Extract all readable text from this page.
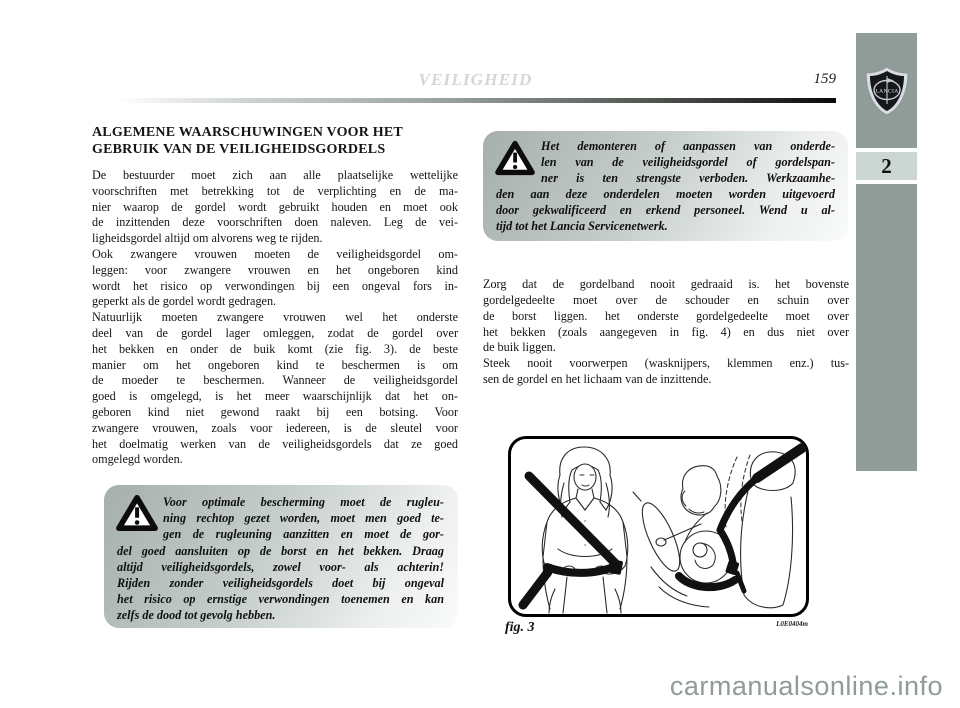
VEILIGHEID	159
LANCIA
2
ALGEMENE WAARSCHUWINGEN VOOR HET
GEBRUIK VAN DE VEILIGHEIDSGORDELS
De bestuurder moet zich aan alle plaatselijke wettelijke
voorschriften met betrekking tot de verplichting en de ma-
nier waarop de gordel wordt gebruikt houden en moet ook
de inzittenden deze voorschriften doen naleven. Leg de vei-
ligheidsgordel altijd om alvorens weg te rijden.
Ook zwangere vrouwen moeten de veiligheidsgordel om-
leggen: voor zwangere vrouwen en het ongeboren kind
wordt het risico op verwondingen bij een ongeval fors in-
geperkt als de gordel wordt gedragen.
Natuurlijk moeten zwangere vrouwen wel het onderste
deel van de gordel lager omleggen, zodat de gordel over
het bekken en onder de buik komt (zie fig. 3). de beste
manier om het ongeboren kind te beschermen is om
de moeder te beschermen. Wanneer de veiligheidsgordel
goed is omgelegd, is het meer waarschijnlijk dat het on-
geboren kind niet gewond raakt bij een botsing. Voor
zwangere vrouwen, zoals voor iedereen, is de sleutel voor
het doelmatig werken van de veiligheidsgordels dat ze goed
omgelegd worden.
Voor optimale bescherming moet de rugleu-
ning rechtop gezet worden, moet men goed te-
gen de rugleuning aanzitten en moet de gor-
del goed aansluiten op de borst en het bekken. Draag
altijd veiligheidsgordels, zowel voor- als achterin!
Rijden zonder veiligheidsgordels doet bij ongeval
het risico op ernstige verwondingen toenemen en kan
zelfs de dood tot gevolg hebben.
Het demonteren of aanpassen van onderde-
len van de veiligheidsgordel of gordelspan-
ner is ten strengste verboden. Werkzaamhe-
den aan deze onderdelen moeten worden uitgevoerd
door gekwalificeerd en erkend personeel. Wend u al-
tijd tot het Lancia Servicenetwerk.
Zorg dat de gordelband nooit gedraaid is. het bovenste
gordelgedeelte moet over de schouder en schuin over
de borst liggen. het onderste gordelgedeelte moet over
het bekken (zoals aangegeven in fig. 4) en dus niet over
de buik liggen.
Steek nooit voorwerpen (wasknijpers, klemmen enz.) tus-
sen de gordel en het lichaam van de inzittende.
fig. 3	L0E0404m
carmanualsonline.info
